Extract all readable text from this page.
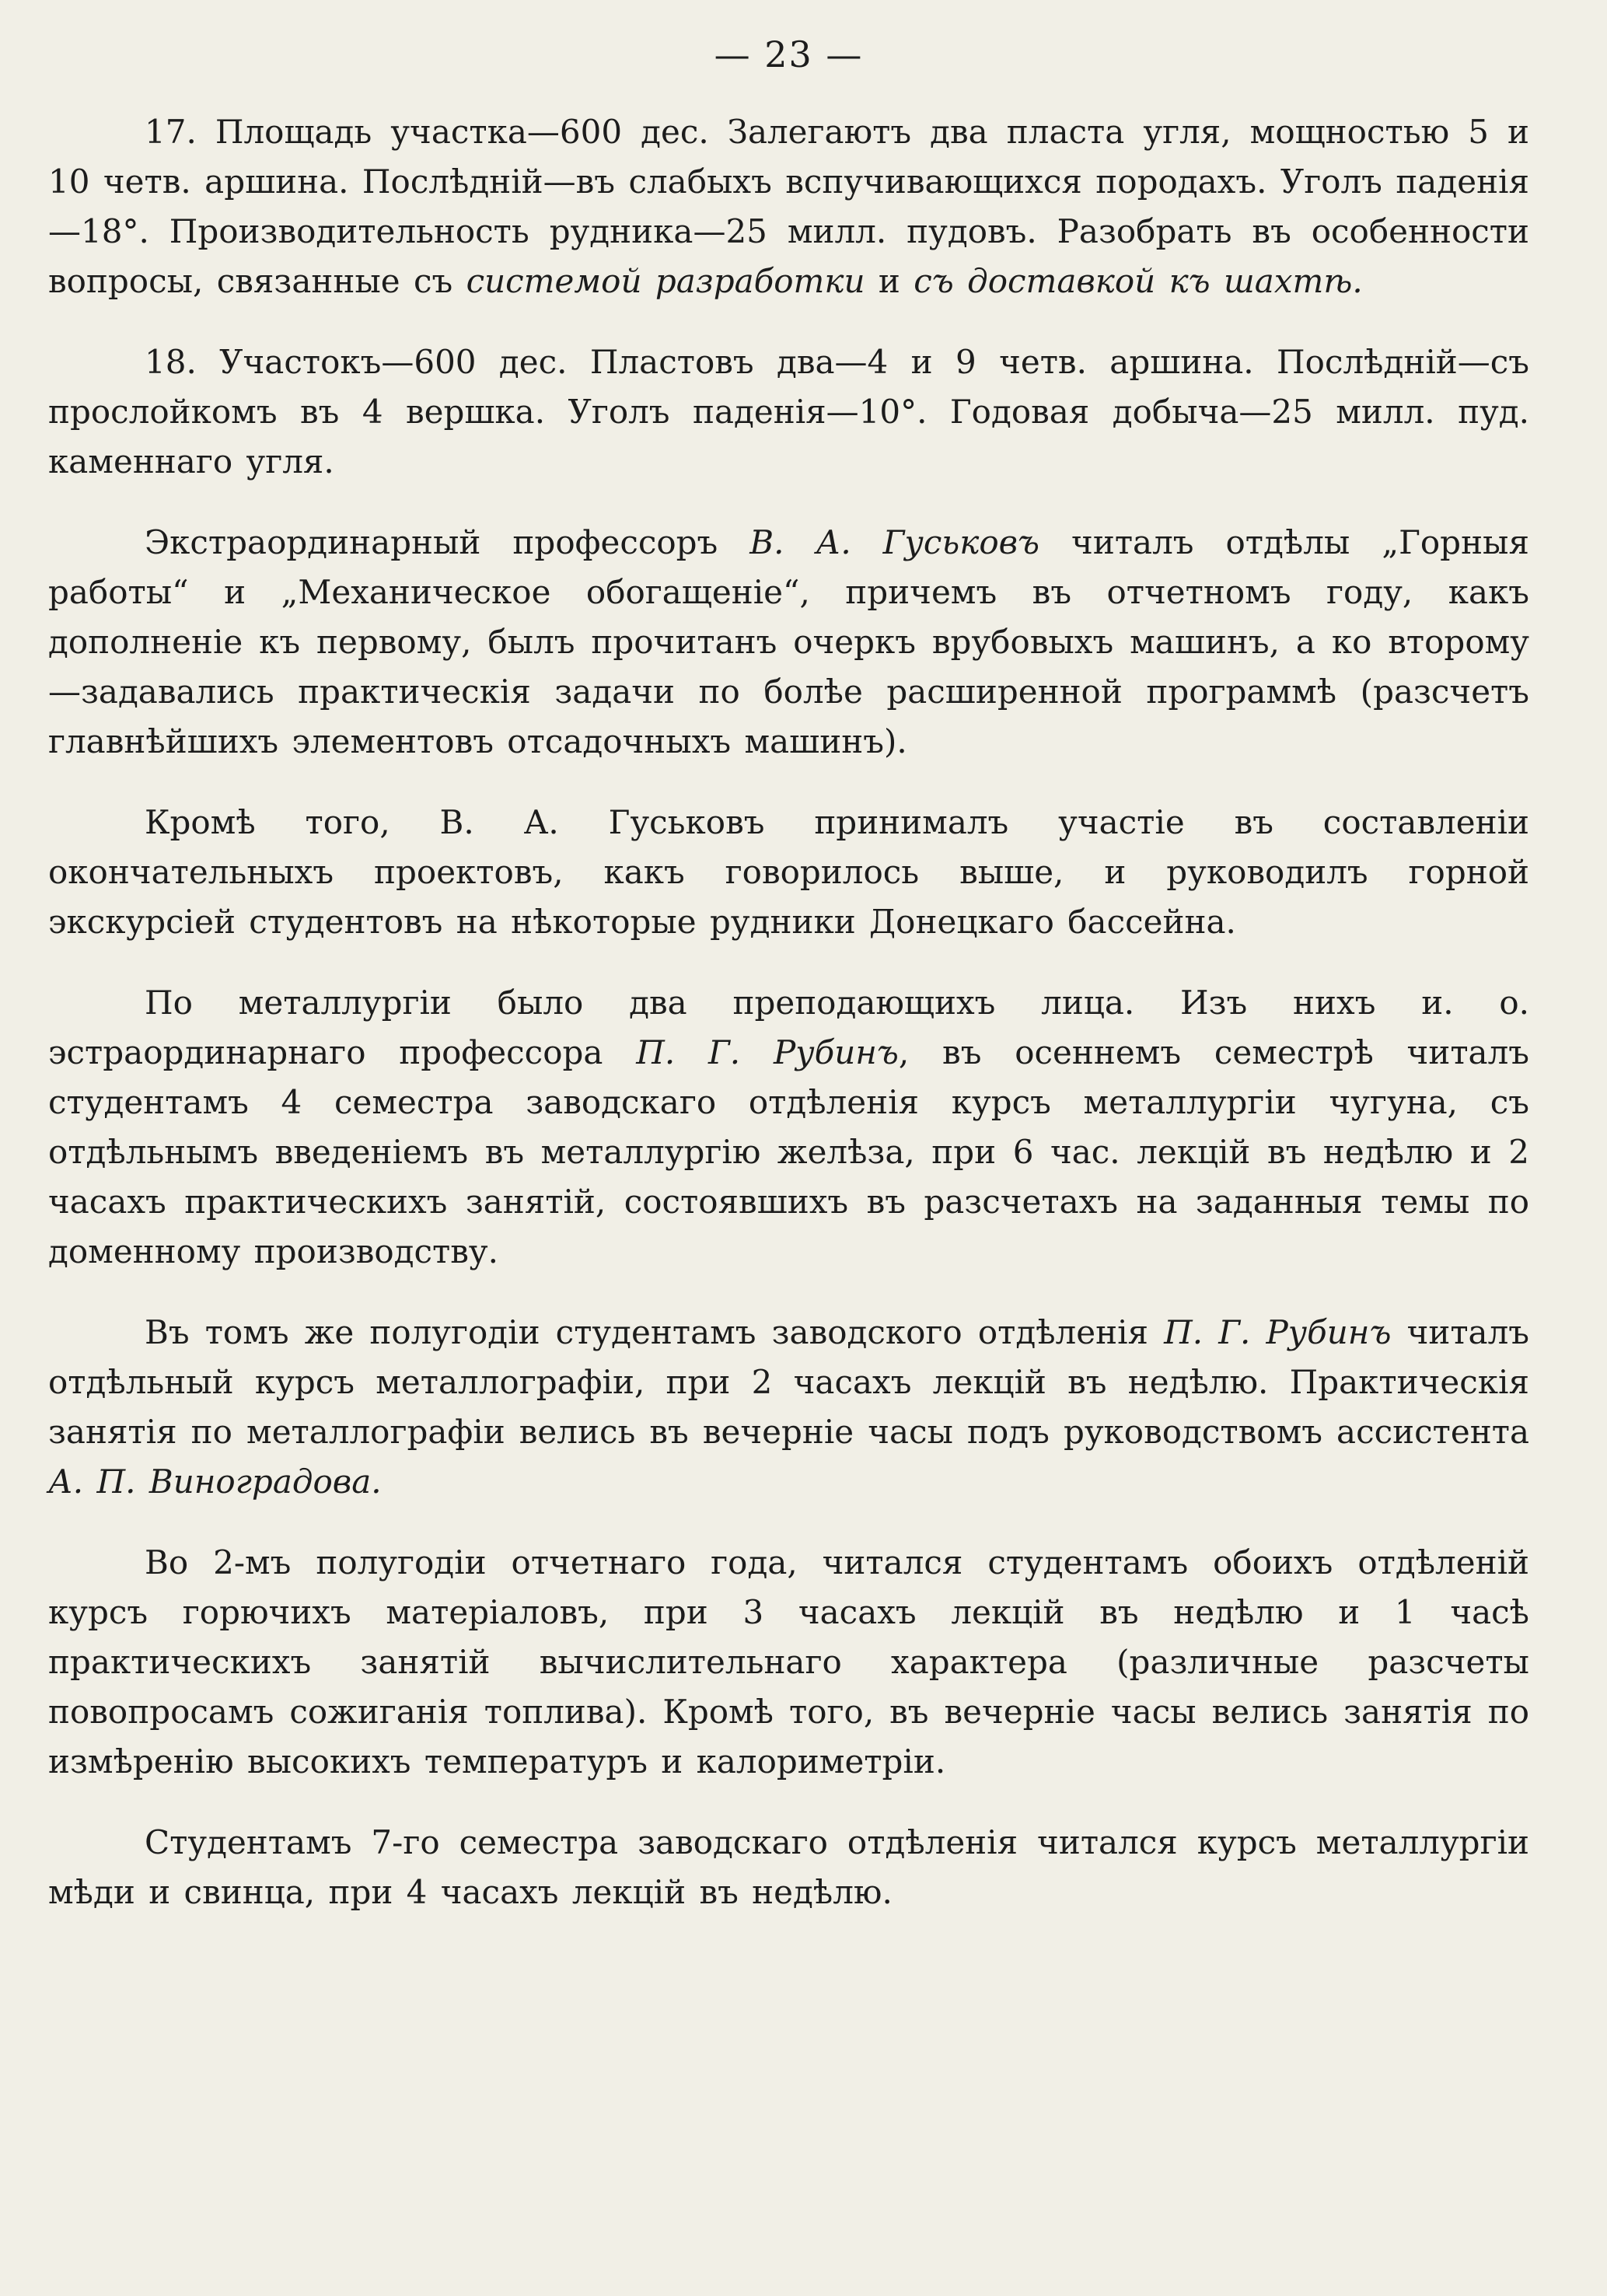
— 23 —

17. Площадь участка—600 дес. Залегаютъ два пласта угля, мощностью 5 и 10 четв. аршина. Послѣднiй—въ слабыхъ вспучивающихся породахъ. Уголъ паденiя—18°. Производительность рудника—25 милл. пудовъ. Разобрать въ особенности вопросы, связанные съ системой разработки и съ доставкой къ шахтѣ.

18. Участокъ—600 дес. Пластовъ два—4 и 9 четв. аршина. Послѣднiй—съ прослойкомъ въ 4 вершка. Уголъ паденiя—10°. Годовая добыча—25 милл. пуд. каменнаго угля.

Экстраординарный профессоръ В. А. Гуськовъ читалъ отдѣлы „Горныя работы“ и „Механическое обогащенiе“, причемъ въ отчетномъ году, какъ дополненiе къ первому, былъ прочитанъ очеркъ врубовыхъ машинъ, а ко второму—задавались практическiя задачи по болѣе расширенной программѣ (разсчетъ главнѣйшихъ элементовъ отсадочныхъ машинъ).

Кромѣ того, В. А. Гуськовъ принималъ участiе въ составленiи окончательныхъ проектовъ, какъ говорилось выше, и руководилъ горной экскурсiей студентовъ на нѣкоторые рудники Донецкаго бассейна.

По металлургiи было два преподающихъ лица. Изъ нихъ и. о. эстраординарнаго профессора П. Г. Рубинъ, въ осеннемъ семестрѣ читалъ студентамъ 4 семестра заводскаго отдѣленiя курсъ металлургiи чугуна, съ отдѣльнымъ введенiемъ въ металлургiю желѣза, при 6 час. лекцiй въ недѣлю и 2 часахъ практическихъ занятiй, состоявшихъ въ разсчетахъ на заданныя темы по доменному производству.

Въ томъ же полугодiи студентамъ заводского отдѣленiя П. Г. Рубинъ читалъ отдѣльный курсъ металлографiи, при 2 часахъ лекцiй въ недѣлю. Практическiя занятiя по металлографiи велись въ вечернiе часы подъ руководствомъ ассистента А. П. Виноградова.

Во 2-мъ полугодiи отчетнаго года, читался студентамъ обоихъ отдѣленiй курсъ горючихъ матерiаловъ, при 3 часахъ лекцiй въ недѣлю и 1 часѣ практическихъ занятiй вычислительнаго характера (различные разсчеты повопросамъ сожиганiя топлива). Кромѣ того, въ вечернiе часы велись занятiя по измѣренiю высокихъ температуръ и калориметрiи.

Студентамъ 7-го семестра заводскаго отдѣленiя читался курсъ металлургiи мѣди и свинца, при 4 часахъ лекцiй въ недѣлю.
